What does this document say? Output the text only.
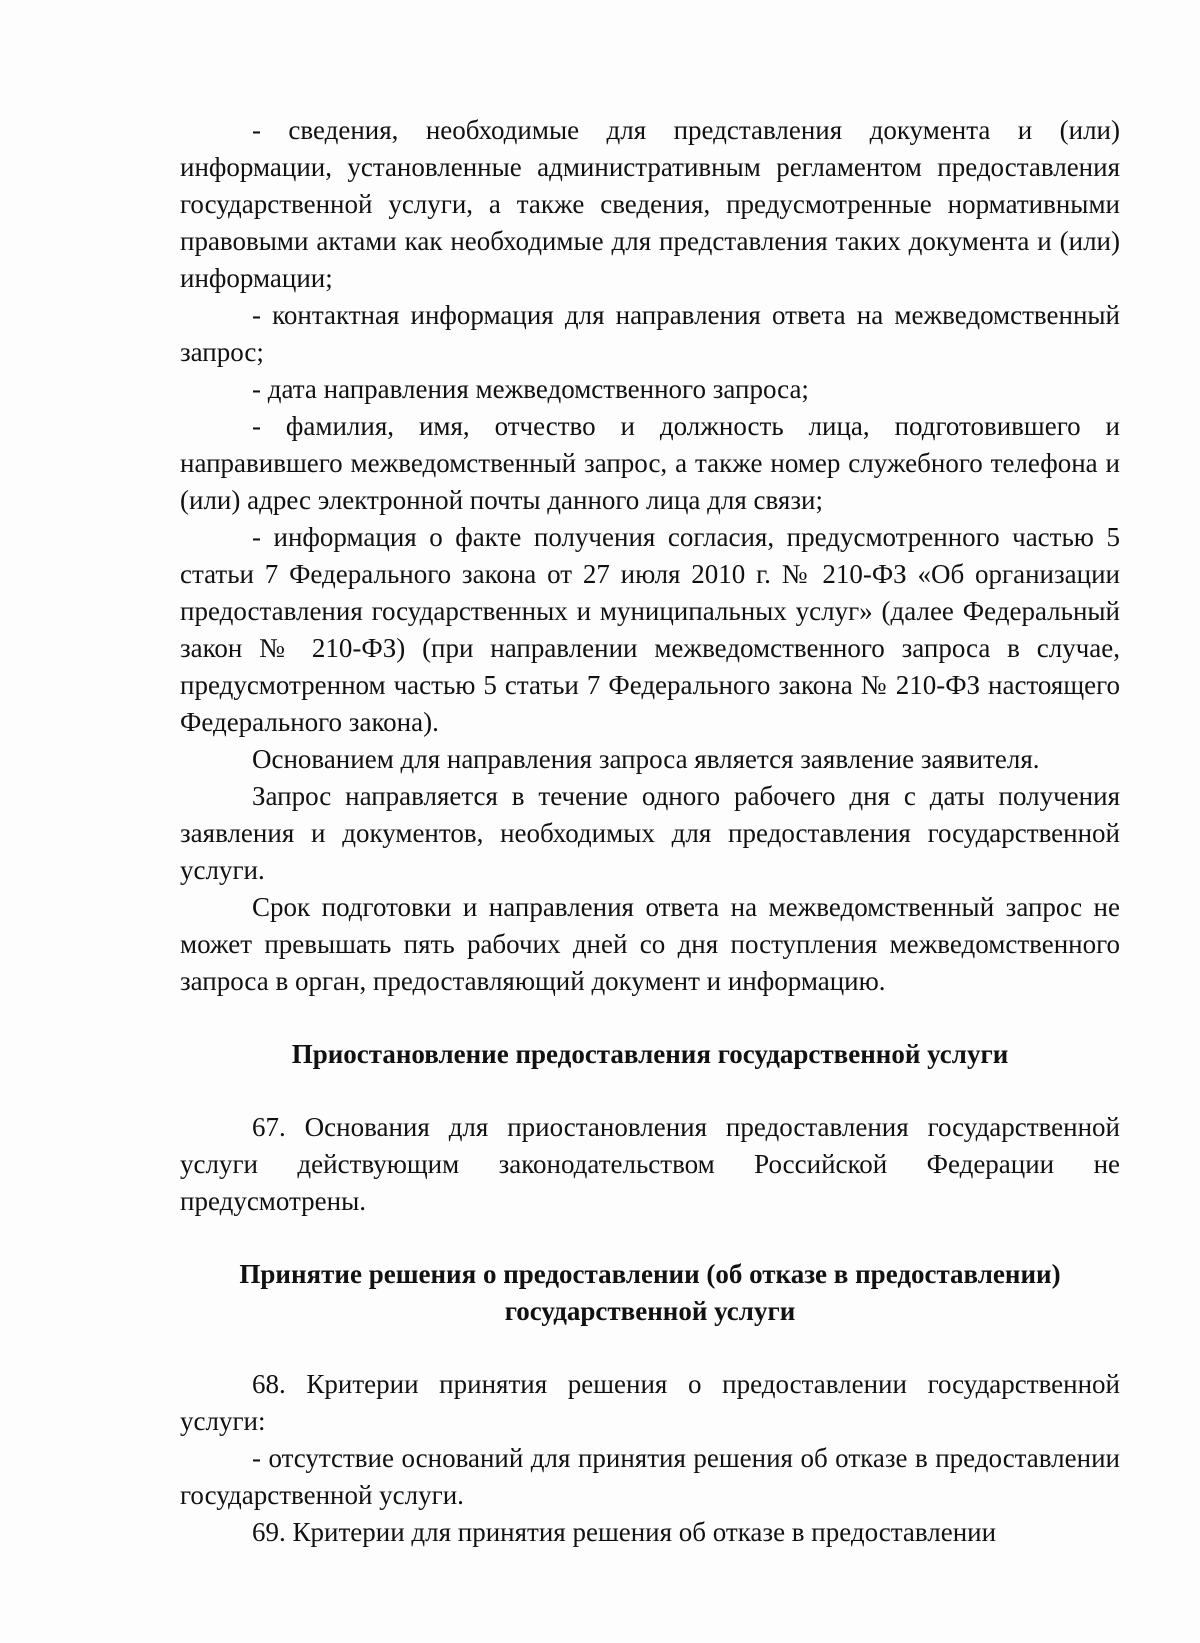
- сведения, необходимые для представления документа и (или) информации, установленные административным регламентом предоставления государственной услуги, а также сведения, предусмотренные нормативными правовыми актами как необходимые для представления таких документа и (или) информации;

- контактная информация для направления ответа на межведомственный запрос;

- дата направления межведомственного запроса;

- фамилия, имя, отчество и должность лица, подготовившего и направившего межведомственный запрос, а также номер служебного телефона и (или) адрес электронной почты данного лица для связи;

- информация о факте получения согласия, предусмотренного частью 5 статьи 7 Федерального закона от 27 июля 2010 г. № 210-ФЗ «Об организации предоставления государственных и муниципальных услуг» (далее Федеральный закон № 210-ФЗ) (при направлении межведомственного запроса в случае, предусмотренном частью 5 статьи 7 Федерального закона № 210-ФЗ настоящего Федерального закона).

Основанием для направления запроса является заявление заявителя.

Запрос направляется в течение одного рабочего дня с даты получения заявления и документов, необходимых для предоставления государственной услуги.

Срок подготовки и направления ответа на межведомственный запрос не может превышать пять рабочих дней со дня поступления межведомственного запроса в орган, предоставляющий документ и информацию.

Приостановление предоставления государственной услуги

67. Основания для приостановления предоставления государственной услуги действующим законодательством Российской Федерации не предусмотрены.

Принятие решения о предоставлении (об отказе в предоставлении)

государственной услуги

68. Критерии принятия решения о предоставлении государственной услуги:

- отсутствие оснований для принятия решения об отказе в предоставлении государственной услуги.

69. Критерии для принятия решения об отказе в предоставлении
